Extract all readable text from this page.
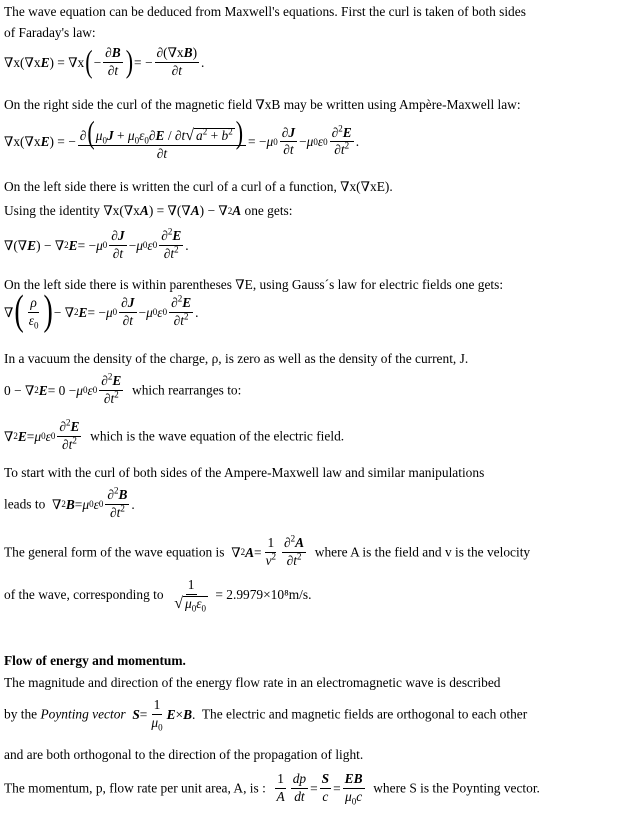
The wave equation can be deduced from Maxwell's equations. First the curl is taken of both sides
of Faraday's law:
∇x(∇x E ) = ∇x ( − $\frac{\partial B}{\partial t}$ ) = − $\frac{\partial(\nabla xB)}{\partial t}$ .
On the right side the curl of the magnetic field ∇xB may be written using Ampère-Maxwell law:
∇x(∇x E ) = − $\frac{\partial(\mu_0J + \mu_0\varepsilon_0\partial E / \partial t √ a^2 + b^2 )}{\partial t}$ = − μ $0 \frac{\partial J}{\partial t} - \mu$ 0 ε $0 \frac{\partial^2E}{\partial t^2}$ .
On the left side there is written the curl of a curl of a function, ∇x(∇xE).
Using the identity ∇x(∇x A ) = ∇(∇ A ) − ∇ 2 A one gets:
∇(∇ E ) − ∇ 2 E = − μ $0 \frac{\partial J}{\partial t} - \mu$ 0 ε $0 \frac{\partial^2E}{\partial t^2}$ .
On the left side there is within parentheses ∇E, using Gauss´s law for electric fields one gets:
∇ ( $\frac{\rho}{\varepsilon_0}$ ) − ∇ 2 E = − μ $0 \frac{\partial J}{\partial t} - \mu$ 0 ε $0 \frac{\partial^2E}{\partial t^2}$ .
In a vacuum the density of the charge, ρ, is zero as well as the density of the current, J.
0 − ∇ 2 E = 0 − μ 0 ε $0 \frac{\partial^2E}{\partial t^2}$ which rearranges to:
∇ 2 E = μ 0 ε $0 \frac{\partial^2E}{\partial t^2}$ which is the wave equation of the electric field.
To start with the curl of both sides of the Ampere-Maxwell law and similar manipulations
leads to  ∇ 2 B = μ 0 ε $0 \frac{\partial^2B}{\partial t^2}$ .
The general form of the wave equation is  ∇ 2 $A = \frac{1}{v^2} \frac{\partial^2A}{\partial t^2}$ where A is the field and v is the velocity
of the wave, corresponding to $\frac{1}{√ \mu_0\varepsilon_0} = 2.9979\times 10^8m/s$.
Flow of energy and momentum.
The magnitude and direction of the energy flow rate in an electromagnetic wave is described
by the Poynting vector $S = \frac{1}{\mu_0}$ E × B .  The electric and magnetic fields are orthogonal to each other
and are both orthogonal to the direction of the propagation of light.
The momentum, p, flow rate per unit area, A, is : $\frac{1}{A} \frac{dp}{dt} = \frac{S}{c} = \frac{EB}{\mu_0c}$ where S is the Poynting vector.
